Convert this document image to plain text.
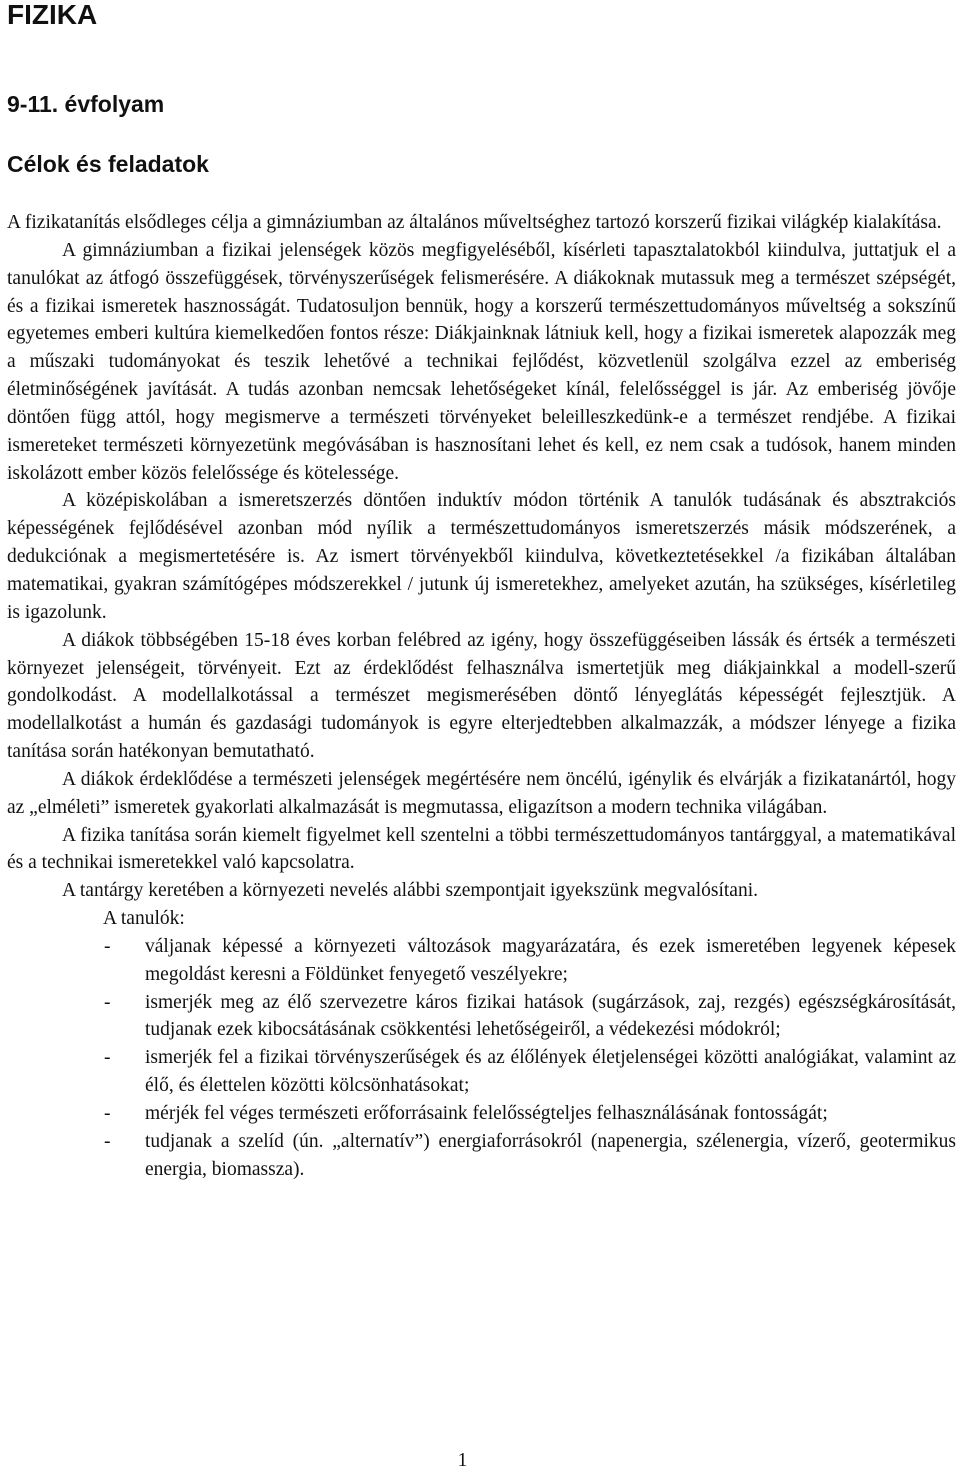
FIZIKA
9-11. évfolyam
Célok és feladatok

A fizikatanítás elsődleges célja a gimnáziumban az általános műveltséghez tartozó korszerű fizikai világkép kialakítása.

A gimnáziumban a fizikai jelenségek közös megfigyeléséből, kísérleti tapasztalatokból kiindulva, juttatjuk el a tanulókat az átfogó összefüggések, törvényszerűségek felismerésére. A diákoknak mutassuk meg a természet szépségét, és a fizikai ismeretek hasznosságát. Tudatosuljon bennük, hogy a korszerű természettudományos műveltség a sokszínű egyetemes emberi kultúra kiemelkedően fontos része: Diákjainknak látniuk kell, hogy a fizikai ismeretek alapozzák meg a műszaki tudományokat és teszik lehetővé a technikai fejlődést, közvetlenül szolgálva ezzel az emberiség életminőségének javítását. A tudás azonban nemcsak lehetőségeket kínál, felelősséggel is jár. Az emberiség jövője döntően függ attól, hogy megismerve a természeti törvényeket beleilleszkedünk-e a természet rendjébe. A fizikai ismereteket természeti környezetünk megóvásában is hasznosítani lehet és kell, ez nem csak a tudósok, hanem minden iskolázott ember közös felelőssége és kötelessége.

A középiskolában a ismeretszerzés döntően induktív módon történik A tanulók tudásának és absztrakciós képességének fejlődésével azonban mód nyílik a természettudományos ismeretszerzés másik módszerének, a dedukciónak a megismertetésére is. Az ismert törvényekből kiindulva, következtetésekkel /a fizikában általában matematikai, gyakran számítógépes módszerekkel / jutunk új ismeretekhez, amelyeket azután, ha szükséges, kísérletileg is igazolunk.

A diákok többségében 15-18 éves korban felébred az igény, hogy összefüggéseiben lássák és értsék a természeti környezet jelenségeit, törvényeit. Ezt az érdeklődést felhasználva ismertetjük meg diákjainkkal a modell-szerű gondolkodást. A modellalkotással a természet megismerésében döntő lényeglátás képességét fejlesztjük. A modellalkotást a humán és gazdasági tudományok is egyre elterjedtebben alkalmazzák, a módszer lényege a fizika tanítása során hatékonyan bemutatható.

A diákok érdeklődése a természeti jelenségek megértésére nem öncélú, igénylik és elvárják a fizikatanártól, hogy az „elméleti” ismeretek gyakorlati alkalmazását is megmutassa, eligazítson a modern technika világában.

A fizika tanítása során kiemelt figyelmet kell szentelni a többi természettudományos tantárggyal, a matematikával és a technikai ismeretekkel való kapcsolatra.

A tantárgy keretében a környezeti nevelés alábbi szempontjait igyekszünk megvalósítani.

A tanulók:

- váljanak képessé a környezeti változások magyarázatára, és ezek ismeretében legyenek képesek megoldást keresni a Földünket fenyegető veszélyekre;
- ismerjék meg az élő szervezetre káros fizikai hatások (sugárzások, zaj, rezgés) egészségkárosítását, tudjanak ezek kibocsátásának csökkentési lehetőségeiről, a védekezési módokról;
- ismerjék fel a fizikai törvényszerűségek és az élőlények életjelenségei közötti analógiákat, valamint az élő, és élettelen közötti kölcsönhatásokat;
- mérjék fel véges természeti erőforrásaink felelősségteljes felhasználásának fontosságát;
- tudjanak a szelíd (ún. „alternatív”) energiaforrásokról (napenergia, szélenergia, vízerő, geotermikus energia, biomassza).
1
